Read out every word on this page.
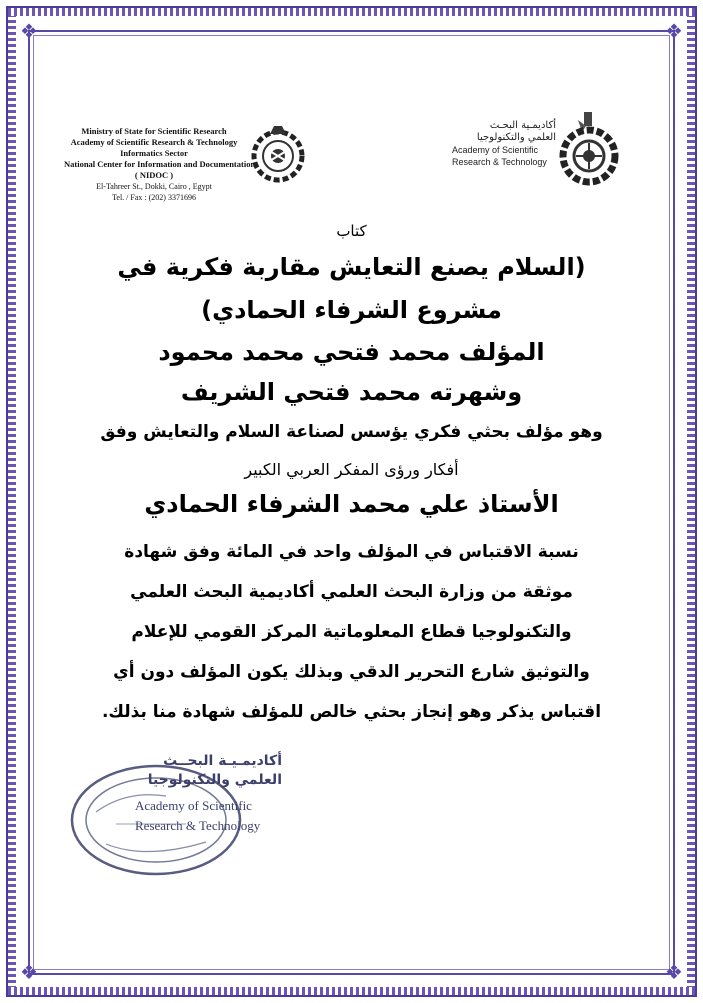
❖	❖
❖	❖
Ministry of State for Scientific Research
Academy of Scientific Research & Technology
Informatics Sector
National Center for Information and Documentation
( NIDOC )
El-Tahreer St., Dokki, Cairo , Egypt
Tel. / Fax : (202) 3371696
أكاديمـية البحـث
العلمي والتكنولوجيا
Academy of Scientific
Research & Technology
كتاب
(السلام يصنع التعايش مقاربة فكرية في
مشروع الشرفاء الحمادي)
المؤلف محمد فتحي محمد محمود
وشهرته محمد فتحي الشريف
وهو مؤلف بحثي فكري يؤسس لصناعة السلام والتعايش وفق
أفكار ورؤى المفكر العربي الكبير
الأستاذ علي محمد الشرفاء الحمادي
نسبة الاقتباس في المؤلف واحد في المائة وفق شهادة
موثقة من وزارة البحث العلمي أكاديمية البحث العلمي
والتكنولوجيا قطاع المعلوماتية المركز القومي للإعلام
والتوثيق شارع التحرير الدقي وبذلك يكون المؤلف دون أي
اقتباس يذكر وهو إنجاز بحثي خالص للمؤلف شهادة منا بذلك.
أكاديمـيـة البحــث
العلمي والتكنولوجيا
Academy of Scientific
Research & Technology
